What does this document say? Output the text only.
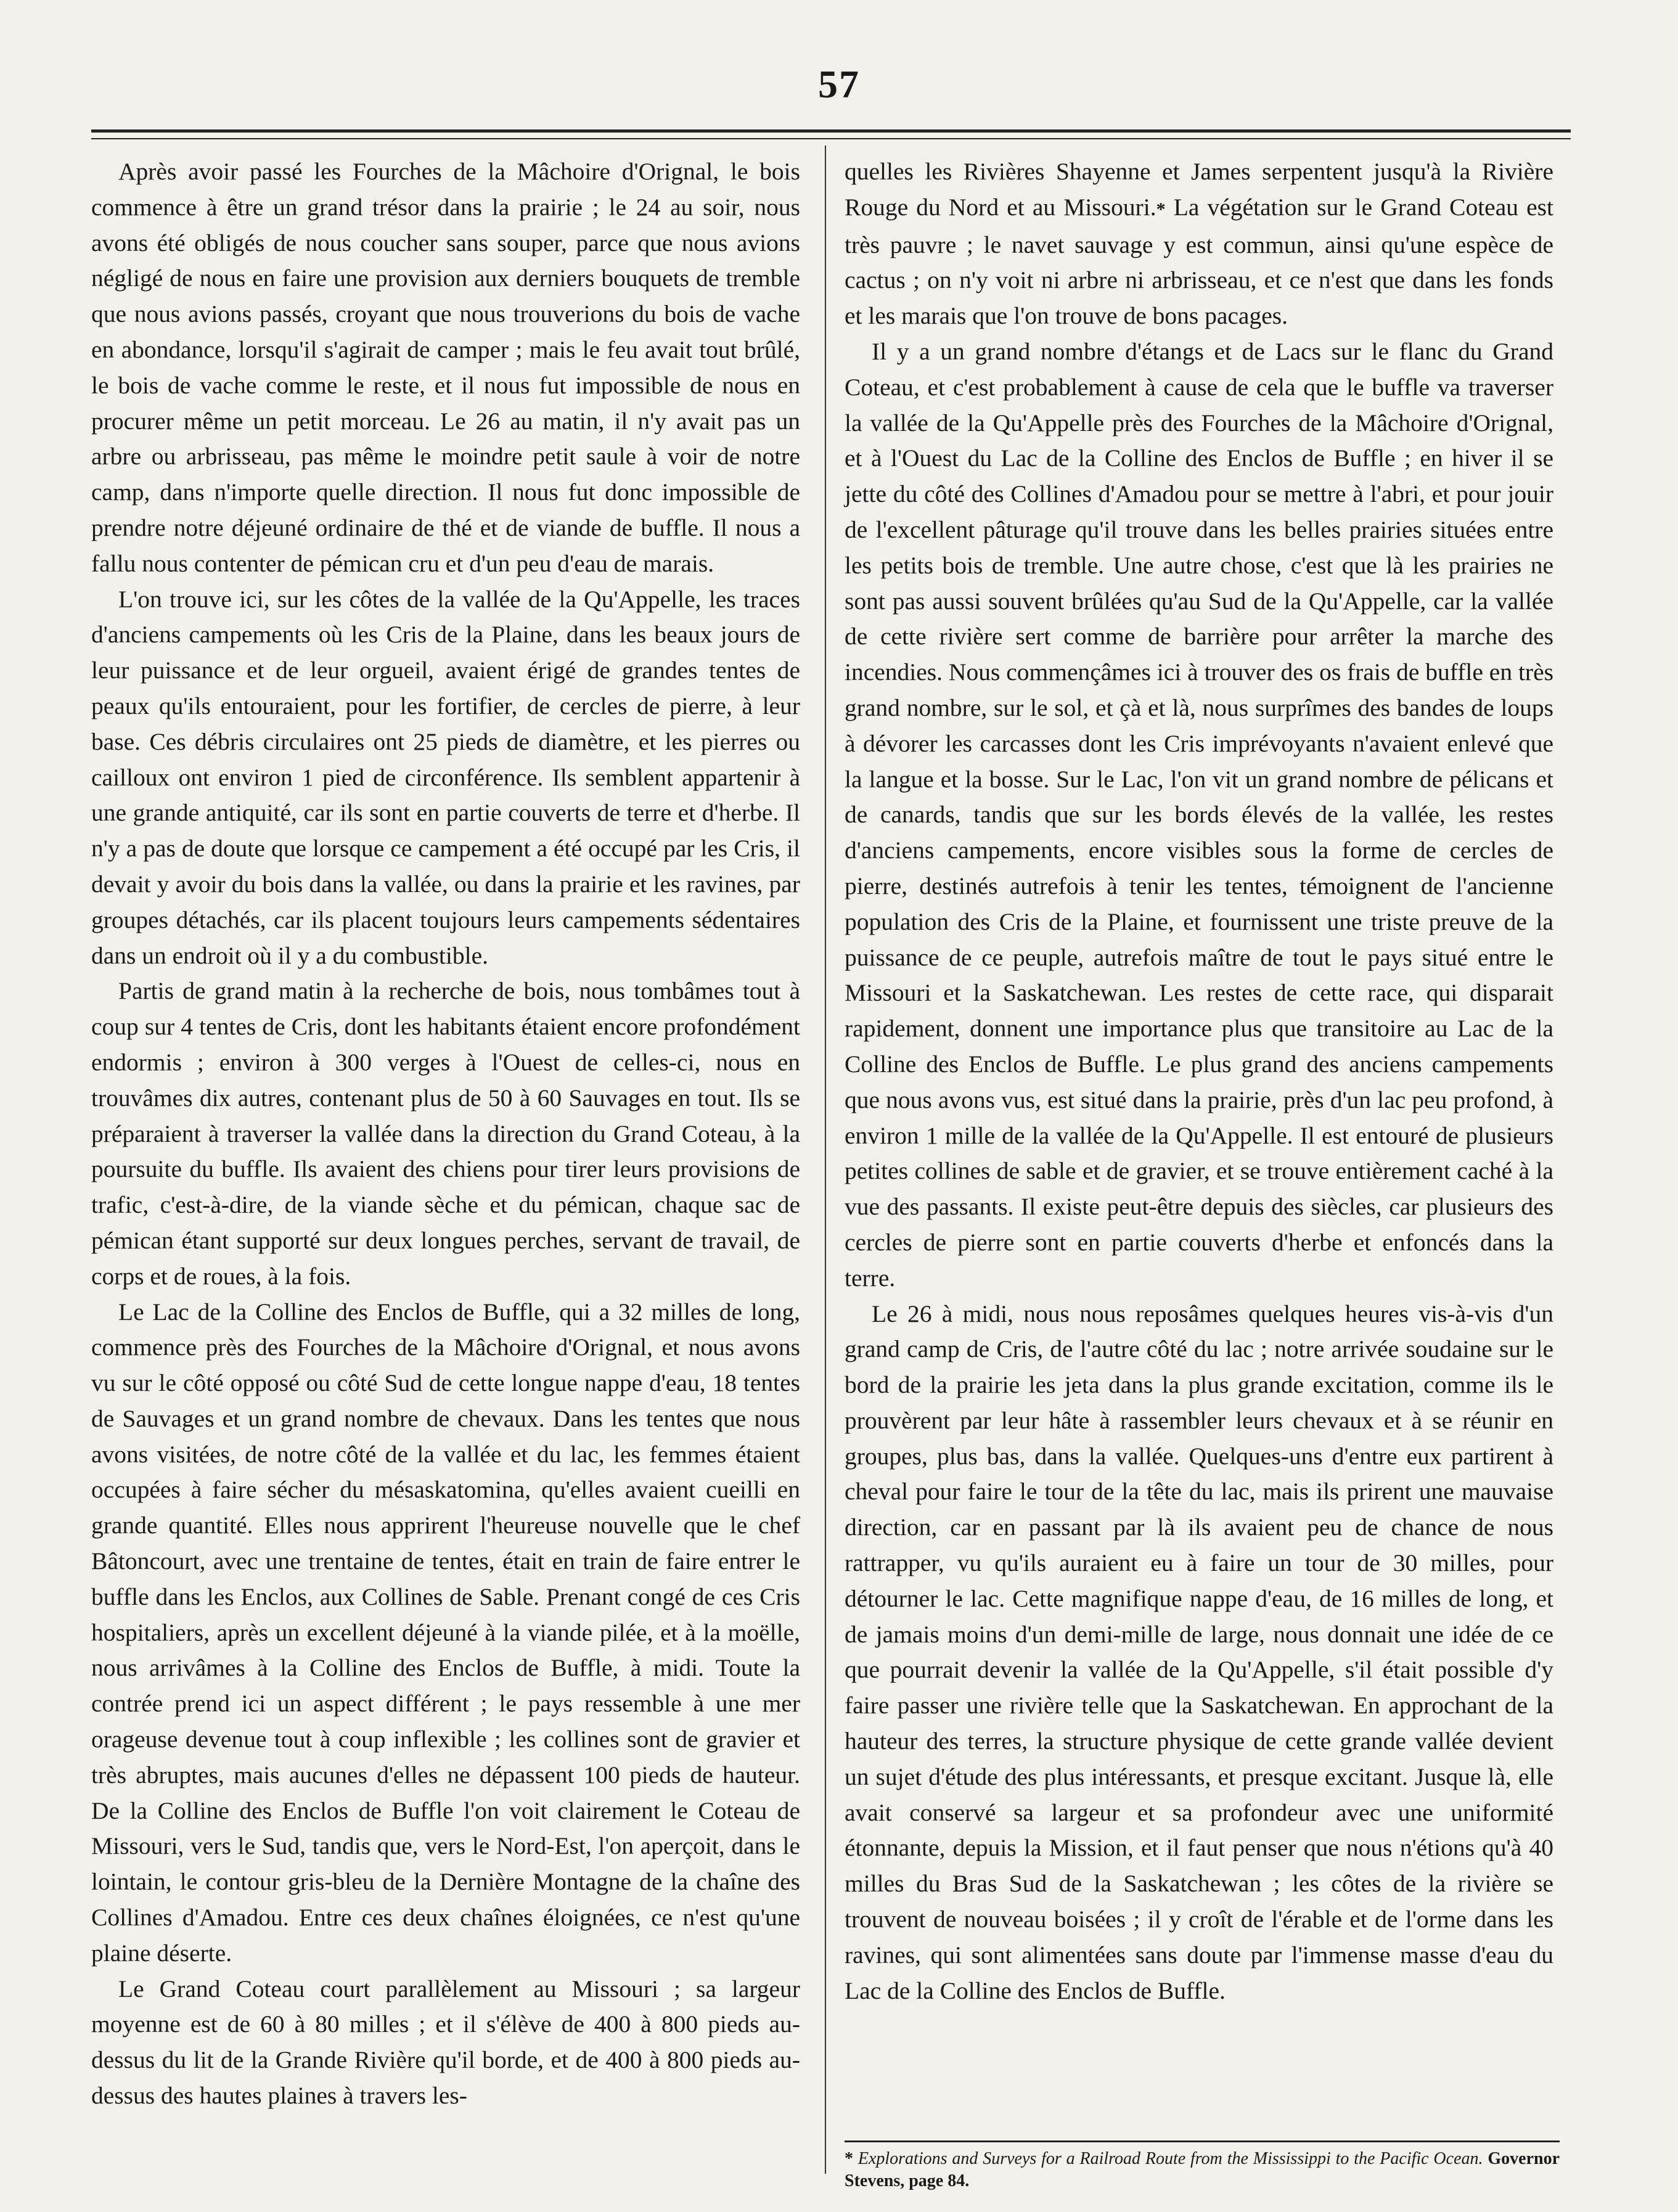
57

Après avoir passé les Fourches de la Mâchoire d'Orignal, le bois commence à être un grand trésor dans la prairie ; le 24 au soir, nous avons été obligés de nous coucher sans souper, parce que nous avions négligé de nous en faire une provision aux derniers bouquets de tremble que nous avions passés, croyant que nous trouverions du bois de vache en abondance, lorsqu'il s'agirait de camper ; mais le feu avait tout brûlé, le bois de vache comme le reste, et il nous fut impossible de nous en procurer même un petit morceau. Le 26 au matin, il n'y avait pas un arbre ou arbrisseau, pas même le moindre petit saule à voir de notre camp, dans n'importe quelle direction. Il nous fut donc impossible de prendre notre déjeuné ordinaire de thé et de viande de buffle. Il nous a fallu nous contenter de pémican cru et d'un peu d'eau de marais.

L'on trouve ici, sur les côtes de la vallée de la Qu'Appelle, les traces d'anciens campements où les Cris de la Plaine, dans les beaux jours de leur puissance et de leur orgueil, avaient érigé de grandes tentes de peaux qu'ils entouraient, pour les fortifier, de cercles de pierre, à leur base. Ces débris circulaires ont 25 pieds de diamètre, et les pierres ou cailloux ont environ 1 pied de circonférence. Ils semblent appartenir à une grande antiquité, car ils sont en partie couverts de terre et d'herbe. Il n'y a pas de doute que lorsque ce campement a été occupé par les Cris, il devait y avoir du bois dans la vallée, ou dans la prairie et les ravines, par groupes détachés, car ils placent toujours leurs campements sédentaires dans un endroit où il y a du combustible.

Partis de grand matin à la recherche de bois, nous tombâmes tout à coup sur 4 tentes de Cris, dont les habitants étaient encore profondément endormis ; environ à 300 verges à l'Ouest de celles-ci, nous en trouvâmes dix autres, contenant plus de 50 à 60 Sauvages en tout. Ils se préparaient à traverser la vallée dans la direction du Grand Coteau, à la poursuite du buffle. Ils avaient des chiens pour tirer leurs provisions de trafic, c'est-à-dire, de la viande sèche et du pémican, chaque sac de pémican étant supporté sur deux longues perches, servant de travail, de corps et de roues, à la fois.

Le Lac de la Colline des Enclos de Buffle, qui a 32 milles de long, commence près des Fourches de la Mâchoire d'Orignal, et nous avons vu sur le côté opposé ou côté Sud de cette longue nappe d'eau, 18 tentes de Sauvages et un grand nombre de chevaux. Dans les tentes que nous avons visitées, de notre côté de la vallée et du lac, les femmes étaient occupées à faire sécher du mésaskatomina, qu'elles avaient cueilli en grande quantité. Elles nous apprirent l'heureuse nouvelle que le chef Bâtoncourt, avec une trentaine de tentes, était en train de faire entrer le buffle dans les Enclos, aux Collines de Sable. Prenant congé de ces Cris hospitaliers, après un excellent déjeuné à la viande pilée, et à la moëlle, nous arrivâmes à la Colline des Enclos de Buffle, à midi. Toute la contrée prend ici un aspect différent ; le pays ressemble à une mer orageuse devenue tout à coup inflexible ; les collines sont de gravier et très abruptes, mais aucunes d'elles ne dépassent 100 pieds de hauteur. De la Colline des Enclos de Buffle l'on voit clairement le Coteau de Missouri, vers le Sud, tandis que, vers le Nord-Est, l'on aperçoit, dans le lointain, le contour gris-bleu de la Dernière Montagne de la chaîne des Collines d'Amadou. Entre ces deux chaînes éloignées, ce n'est qu'une plaine déserte.

Le Grand Coteau court parallèlement au Missouri ; sa largeur moyenne est de 60 à 80 milles ; et il s'élève de 400 à 800 pieds au-dessus du lit de la Grande Rivière qu'il borde, et de 400 à 800 pieds au-dessus des hautes plaines à travers les-

quelles les Rivières Shayenne et James serpentent jusqu'à la Rivière Rouge du Nord et au Missouri.* La végétation sur le Grand Coteau est très pauvre ; le navet sauvage y est commun, ainsi qu'une espèce de cactus ; on n'y voit ni arbre ni arbrisseau, et ce n'est que dans les fonds et les marais que l'on trouve de bons pacages.

Il y a un grand nombre d'étangs et de Lacs sur le flanc du Grand Coteau, et c'est probablement à cause de cela que le buffle va traverser la vallée de la Qu'Appelle près des Fourches de la Mâchoire d'Orignal, et à l'Ouest du Lac de la Colline des Enclos de Buffle ; en hiver il se jette du côté des Collines d'Amadou pour se mettre à l'abri, et pour jouir de l'excellent pâturage qu'il trouve dans les belles prairies situées entre les petits bois de tremble. Une autre chose, c'est que là les prairies ne sont pas aussi souvent brûlées qu'au Sud de la Qu'Appelle, car la vallée de cette rivière sert comme de barrière pour arrêter la marche des incendies. Nous commençâmes ici à trouver des os frais de buffle en très grand nombre, sur le sol, et çà et là, nous surprîmes des bandes de loups à dévorer les carcasses dont les Cris imprévoyants n'avaient enlevé que la langue et la bosse. Sur le Lac, l'on vit un grand nombre de pélicans et de canards, tandis que sur les bords élevés de la vallée, les restes d'anciens campements, encore visibles sous la forme de cercles de pierre, destinés autrefois à tenir les tentes, témoignent de l'ancienne population des Cris de la Plaine, et fournissent une triste preuve de la puissance de ce peuple, autrefois maître de tout le pays situé entre le Missouri et la Saskatchewan. Les restes de cette race, qui disparait rapidement, donnent une importance plus que transitoire au Lac de la Colline des Enclos de Buffle. Le plus grand des anciens campements que nous avons vus, est situé dans la prairie, près d'un lac peu profond, à environ 1 mille de la vallée de la Qu'Appelle. Il est entouré de plusieurs petites collines de sable et de gravier, et se trouve entièrement caché à la vue des passants. Il existe peut-être depuis des siècles, car plusieurs des cercles de pierre sont en partie couverts d'herbe et enfoncés dans la terre.

Le 26 à midi, nous nous reposâmes quelques heures vis-à-vis d'un grand camp de Cris, de l'autre côté du lac ; notre arrivée soudaine sur le bord de la prairie les jeta dans la plus grande excitation, comme ils le prouvèrent par leur hâte à rassembler leurs chevaux et à se réunir en groupes, plus bas, dans la vallée. Quelques-uns d'entre eux partirent à cheval pour faire le tour de la tête du lac, mais ils prirent une mauvaise direction, car en passant par là ils avaient peu de chance de nous rattrapper, vu qu'ils auraient eu à faire un tour de 30 milles, pour détourner le lac. Cette magnifique nappe d'eau, de 16 milles de long, et de jamais moins d'un demi-mille de large, nous donnait une idée de ce que pourrait devenir la vallée de la Qu'Appelle, s'il était possible d'y faire passer une rivière telle que la Saskatchewan. En approchant de la hauteur des terres, la structure physique de cette grande vallée devient un sujet d'étude des plus intéressants, et presque excitant. Jusque là, elle avait conservé sa largeur et sa profondeur avec une uniformité étonnante, depuis la Mission, et il faut penser que nous n'étions qu'à 40 milles du Bras Sud de la Saskatchewan ; les côtes de la rivière se trouvent de nouveau boisées ; il y croît de l'érable et de l'orme dans les ravines, qui sont alimentées sans doute par l'immense masse d'eau du Lac de la Colline des Enclos de Buffle.

* Explorations and Surveys for a Railroad Route from the Mississippi to the Pacific Ocean. Governor Stevens, page 84.
